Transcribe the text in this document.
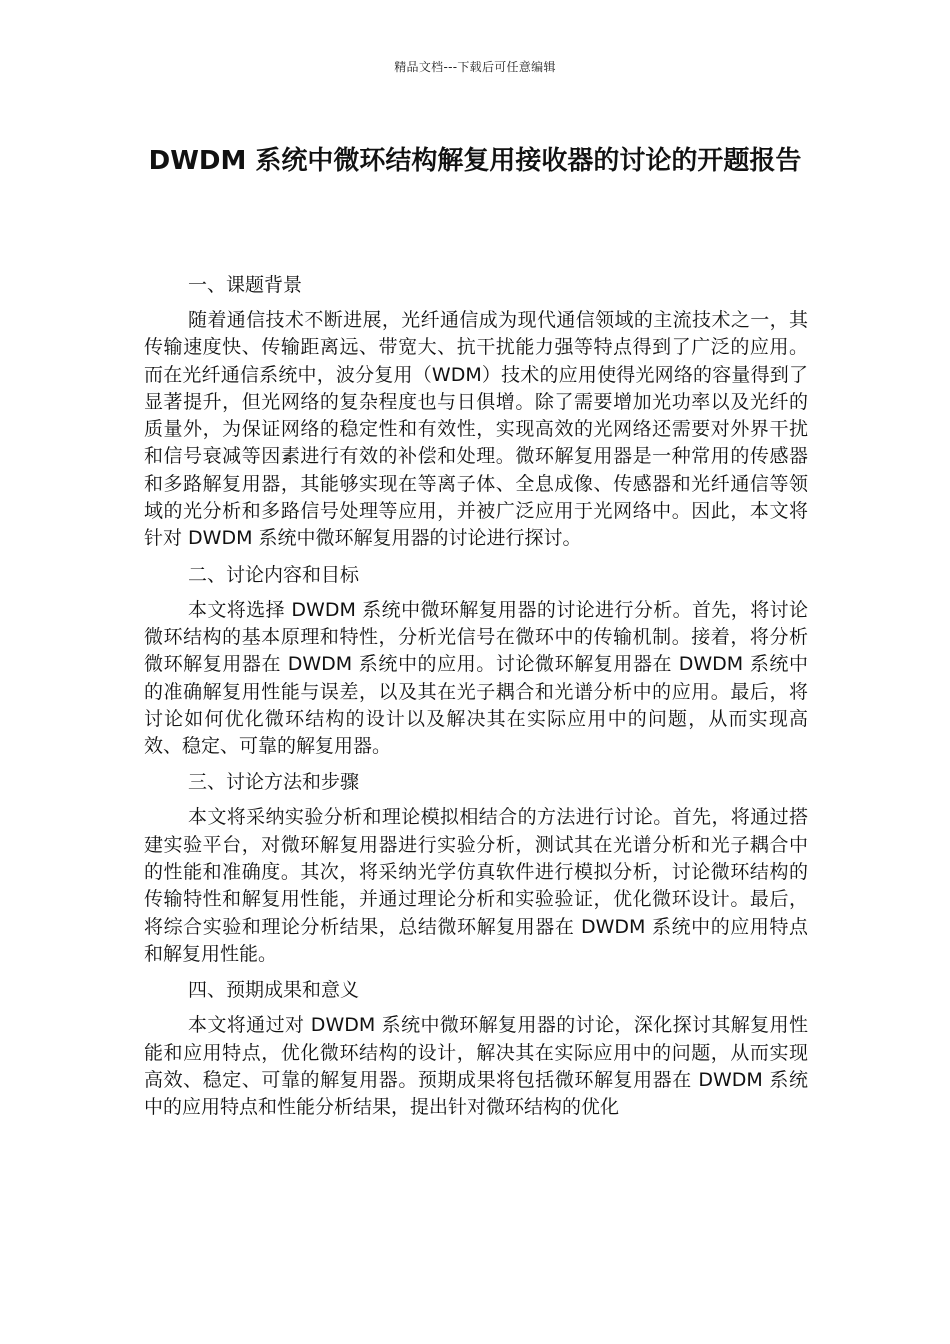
精品文档---下载后可任意编辑
DWDM 系统中微环结构解复用接收器的讨论的开题报告
一、课题背景

随着通信技术不断进展，光纤通信成为现代通信领域的主流技术之一，其传输速度快、传输距离远、带宽大、抗干扰能力强等特点得到了广泛的应用。而在光纤通信系统中，波分复用（WDM）技术的应用使得光网络的容量得到了显著提升，但光网络的复杂程度也与日俱增。除了需要增加光功率以及光纤的质量外，为保证网络的稳定性和有效性，实现高效的光网络还需要对外界干扰和信号衰减等因素进行有效的补偿和处理。微环解复用器是一种常用的传感器和多路解复用器，其能够实现在等离子体、全息成像、传感器和光纤通信等领域的光分析和多路信号处理等应用，并被广泛应用于光网络中。因此，本文将针对 DWDM 系统中微环解复用器的讨论进行探讨。

二、讨论内容和目标

本文将选择 DWDM 系统中微环解复用器的讨论进行分析。首先，将讨论微环结构的基本原理和特性，分析光信号在微环中的传输机制。接着，将分析微环解复用器在 DWDM 系统中的应用。讨论微环解复用器在 DWDM 系统中的准确解复用性能与误差，以及其在光子耦合和光谱分析中的应用。最后，将讨论如何优化微环结构的设计以及解决其在实际应用中的问题，从而实现高效、稳定、可靠的解复用器。

三、讨论方法和步骤

本文将采纳实验分析和理论模拟相结合的方法进行讨论。首先，将通过搭建实验平台，对微环解复用器进行实验分析，测试其在光谱分析和光子耦合中的性能和准确度。其次，将采纳光学仿真软件进行模拟分析，讨论微环结构的传输特性和解复用性能，并通过理论分析和实验验证，优化微环设计。最后，将综合实验和理论分析结果，总结微环解复用器在 DWDM 系统中的应用特点和解复用性能。

四、预期成果和意义

本文将通过对 DWDM 系统中微环解复用器的讨论，深化探讨其解复用性能和应用特点，优化微环结构的设计，解决其在实际应用中的问题，从而实现高效、稳定、可靠的解复用器。预期成果将包括微环解复用器在 DWDM 系统中的应用特点和性能分析结果，提出针对微环结构的优化
